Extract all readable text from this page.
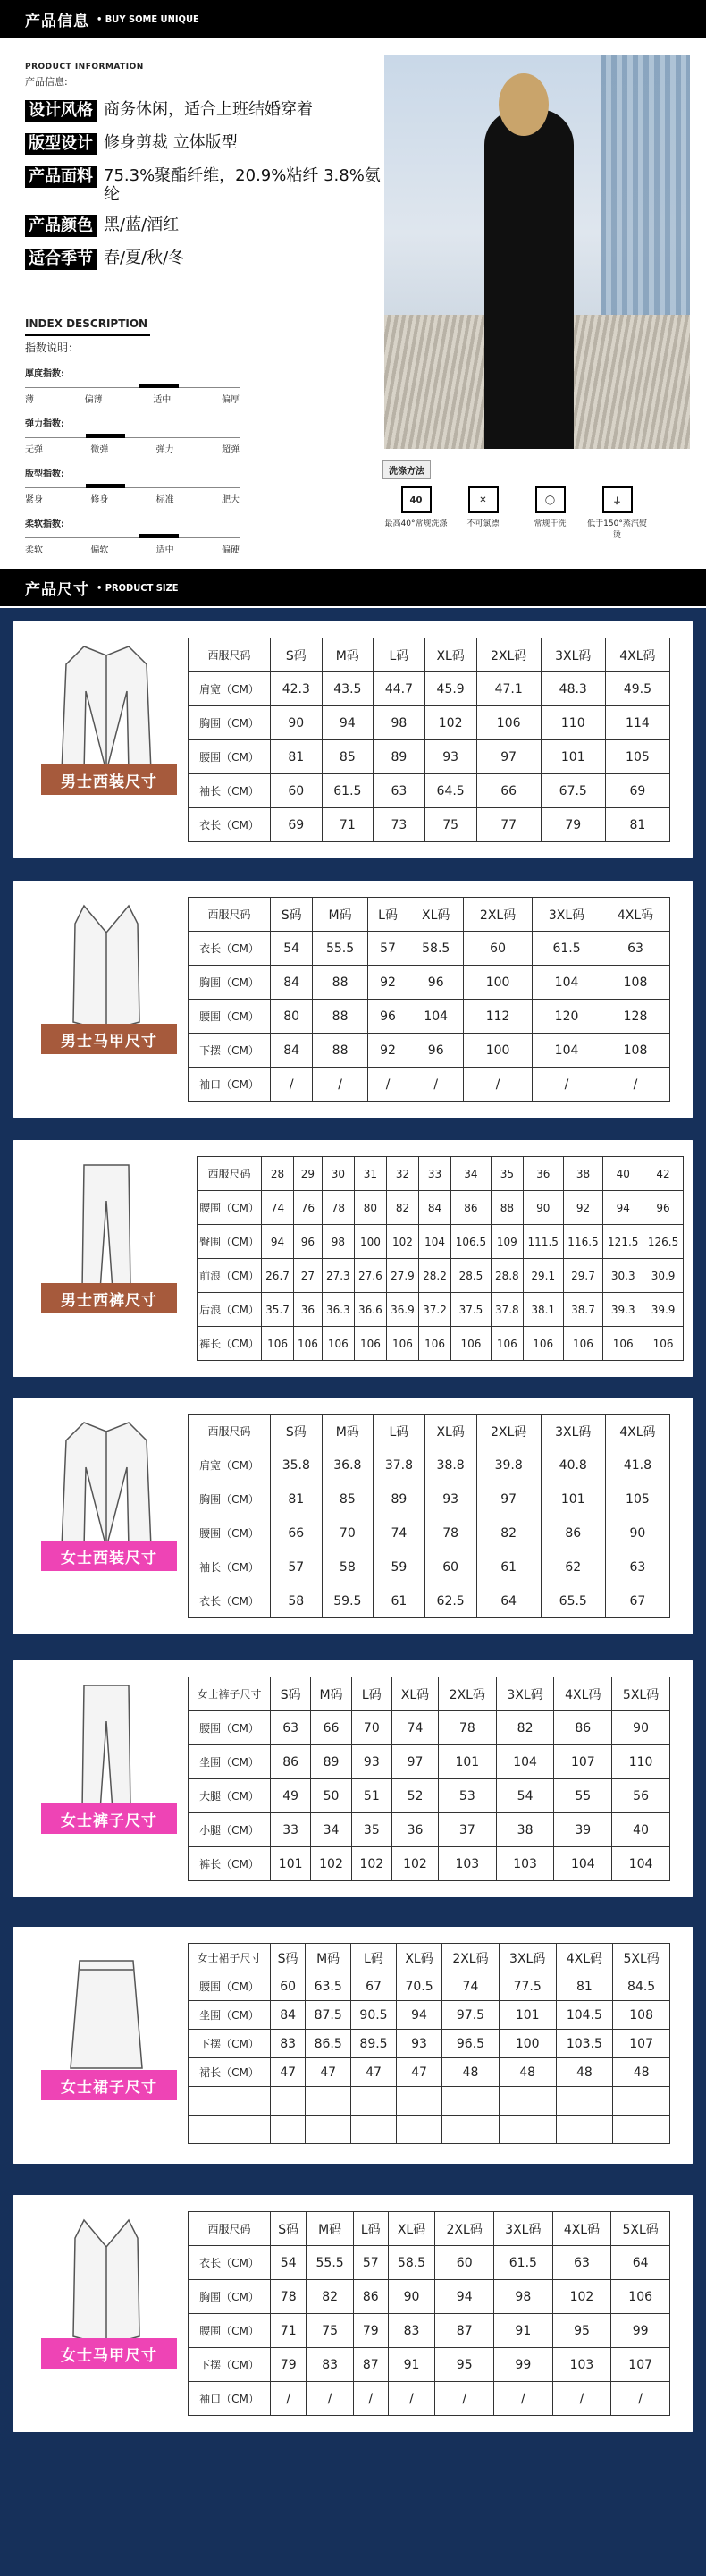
产品信息 • BUY SOME UNIQUE
PRODUCT INFORMATION
产品信息:
设计风格 商务休闲，适合上班结婚穿着
版型设计 修身剪裁 立体版型
产品面料 75.3%聚酯纤维，20.9%粘纤 3.8%氨纶
产品颜色 黑/蓝/酒红
适合季节 春/夏/秋/冬
INDEX DESCRIPTION
指数说明：
厚度指数:
薄	偏薄	适中	偏厚
弹力指数:
无弹	微弹	弹力	超弹
版型指数:
紧身	修身	标准	肥大
柔软指数:
柔软	偏软	适中	偏硬
洗涤方法
40
最高40°常规洗涤
✕
不可氯漂
◯
常规干洗
⏚
低于150°蒸汽熨烫
产品尺寸 • PRODUCT SIZE
男士西装尺寸
西服尺码	S码	M码	L码	XL码	2XL码	3XL码	4XL码
肩宽（CM）	42.3	43.5	44.7	45.9	47.1	48.3	49.5
胸围（CM）	90	94	98	102	106	110	114
腰围（CM）	81	85	89	93	97	101	105
袖长（CM）	60	61.5	63	64.5	66	67.5	69
衣长（CM）	69	71	73	75	77	79	81
男士马甲尺寸
西服尺码	S码	M码	L码	XL码	2XL码	3XL码	4XL码
衣长（CM）	54	55.5	57	58.5	60	61.5	63
胸围（CM）	84	88	92	96	100	104	108
腰围（CM）	80	88	96	104	112	120	128
下摆（CM）	84	88	92	96	100	104	108
袖口（CM）	/	/	/	/	/	/	/
男士西裤尺寸
西服尺码	28	29	30	31	32	33	34	35	36	38	40	42
腰围（CM）	74	76	78	80	82	84	86	88	90	92	94	96
臀围（CM）	94	96	98	100	102	104	106.5	109	111.5	116.5	121.5	126.5
前浪（CM）	26.7	27	27.3	27.6	27.9	28.2	28.5	28.8	29.1	29.7	30.3	30.9
后浪（CM）	35.7	36	36.3	36.6	36.9	37.2	37.5	37.8	38.1	38.7	39.3	39.9
裤长（CM）	106	106	106	106	106	106	106	106	106	106	106	106
女士西装尺寸
西服尺码	S码	M码	L码	XL码	2XL码	3XL码	4XL码
肩宽（CM）	35.8	36.8	37.8	38.8	39.8	40.8	41.8
胸围（CM）	81	85	89	93	97	101	105
腰围（CM）	66	70	74	78	82	86	90
袖长（CM）	57	58	59	60	61	62	63
衣长（CM）	58	59.5	61	62.5	64	65.5	67
女士裤子尺寸
女士裤子尺寸	S码	M码	L码	XL码	2XL码	3XL码	4XL码	5XL码
腰围（CM）	63	66	70	74	78	82	86	90
坐围（CM）	86	89	93	97	101	104	107	110
大腿（CM）	49	50	51	52	53	54	55	56
小腿（CM）	33	34	35	36	37	38	39	40
裤长（CM）	101	102	102	102	103	103	104	104
女士裙子尺寸
女士裙子尺寸	S码	M码	L码	XL码	2XL码	3XL码	4XL码	5XL码
腰围（CM）	60	63.5	67	70.5	74	77.5	81	84.5
坐围（CM）	84	87.5	90.5	94	97.5	101	104.5	108
下摆（CM）	83	86.5	89.5	93	96.5	100	103.5	107
裙长（CM）	47	47	47	47	48	48	48	48

女士马甲尺寸
西服尺码	S码	M码	L码	XL码	2XL码	3XL码	4XL码	5XL码
衣长（CM）	54	55.5	57	58.5	60	61.5	63	64
胸围（CM）	78	82	86	90	94	98	102	106
腰围（CM）	71	75	79	83	87	91	95	99
下摆（CM）	79	83	87	91	95	99	103	107
袖口（CM）	/	/	/	/	/	/	/	/
